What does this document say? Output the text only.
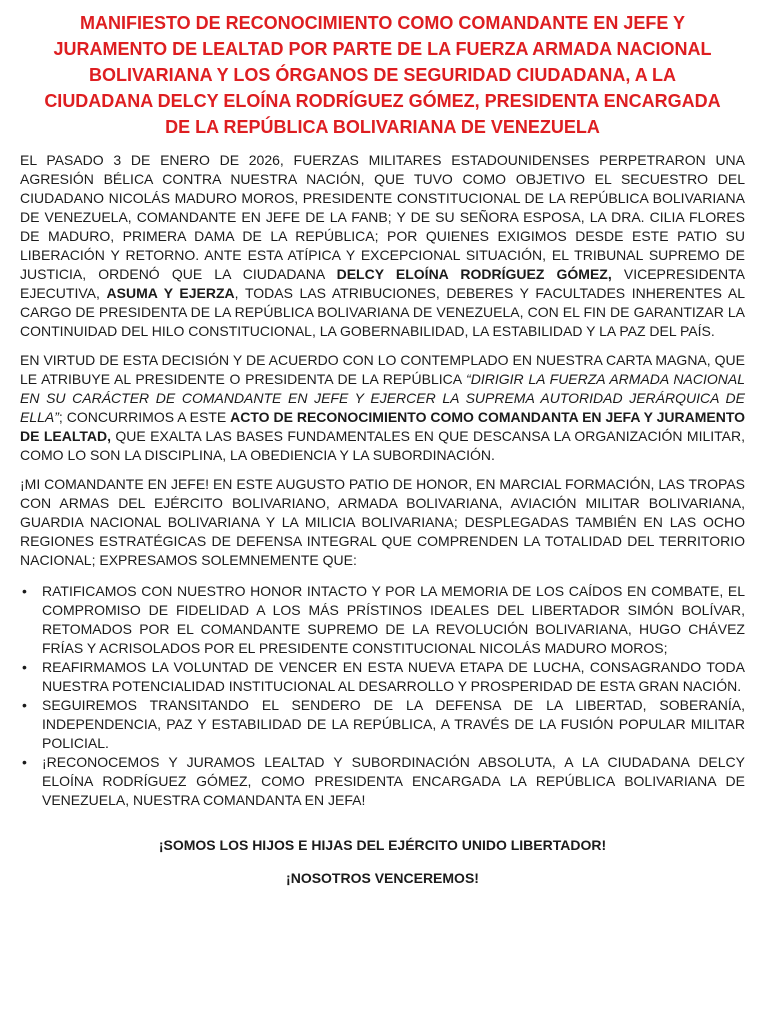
MANIFIESTO DE RECONOCIMIENTO COMO COMANDANTE EN JEFE Y
JURAMENTO DE LEALTAD POR PARTE DE LA FUERZA ARMADA NACIONAL
BOLIVARIANA Y LOS ÓRGANOS DE SEGURIDAD CIUDADANA, A LA
CIUDADANA DELCY ELOÍNA RODRÍGUEZ GÓMEZ, PRESIDENTA ENCARGADA
DE LA REPÚBLICA BOLIVARIANA DE VENEZUELA

EL PASADO 3 DE ENERO DE 2026, FUERZAS MILITARES ESTADOUNIDENSES PERPETRARON UNA AGRESIÓN BÉLICA CONTRA NUESTRA NACIÓN, QUE TUVO COMO OBJETIVO EL SECUESTRO DEL CIUDADANO NICOLÁS MADURO MOROS, PRESIDENTE CONSTITUCIONAL DE LA REPÚBLICA BOLIVARIANA DE VENEZUELA, COMANDANTE EN JEFE DE LA FANB; Y DE SU SEÑORA ESPOSA, LA DRA. CILIA FLORES DE MADURO, PRIMERA DAMA DE LA REPÚBLICA; POR QUIENES EXIGIMOS DESDE ESTE PATIO SU LIBERACIÓN Y RETORNO. ANTE ESTA ATÍPICA Y EXCEPCIONAL SITUACIÓN, EL TRIBUNAL SUPREMO DE JUSTICIA, ORDENÓ QUE LA CIUDADANA DELCY ELOÍNA RODRÍGUEZ GÓMEZ, VICEPRESIDENTA EJECUTIVA, ASUMA Y EJERZA, TODAS LAS ATRIBUCIONES, DEBERES Y FACULTADES INHERENTES AL CARGO DE PRESIDENTA DE LA REPÚBLICA BOLIVARIANA DE VENEZUELA, CON EL FIN DE GARANTIZAR LA CONTINUIDAD DEL HILO CONSTITUCIONAL, LA GOBERNABILIDAD, LA ESTABILIDAD Y LA PAZ DEL PAÍS.

EN VIRTUD DE ESTA DECISIÓN Y DE ACUERDO CON LO CONTEMPLADO EN NUESTRA CARTA MAGNA, QUE LE ATRIBUYE AL PRESIDENTE O PRESIDENTA DE LA REPÚBLICA “DIRIGIR LA FUERZA ARMADA NACIONAL EN SU CARÁCTER DE COMANDANTE EN JEFE Y EJERCER LA SUPREMA AUTORIDAD JERÁRQUICA DE ELLA”; CONCURRIMOS A ESTE ACTO DE RECONOCIMIENTO COMO COMANDANTA EN JEFA Y JURAMENTO DE LEALTAD, QUE EXALTA LAS BASES FUNDAMENTALES EN QUE DESCANSA LA ORGANIZACIÓN MILITAR, COMO LO SON LA DISCIPLINA, LA OBEDIENCIA Y LA SUBORDINACIÓN.

¡MI COMANDANTE EN JEFE! EN ESTE AUGUSTO PATIO DE HONOR, EN MARCIAL FORMACIÓN, LAS TROPAS CON ARMAS DEL EJÉRCITO BOLIVARIANO, ARMADA BOLIVARIANA, AVIACIÓN MILITAR BOLIVARIANA, GUARDIA NACIONAL BOLIVARIANA Y LA MILICIA BOLIVARIANA; DESPLEGADAS TAMBIÉN EN LAS OCHO REGIONES ESTRATÉGICAS DE DEFENSA INTEGRAL QUE COMPRENDEN LA TOTALIDAD DEL TERRITORIO NACIONAL; EXPRESAMOS SOLEMNEMENTE QUE:

• RATIFICAMOS CON NUESTRO HONOR INTACTO Y POR LA MEMORIA DE LOS CAÍDOS EN COMBATE, EL COMPROMISO DE FIDELIDAD A LOS MÁS PRÍSTINOS IDEALES DEL LIBERTADOR SIMÓN BOLÍVAR, RETOMADOS POR EL COMANDANTE SUPREMO DE LA REVOLUCIÓN BOLIVARIANA, HUGO CHÁVEZ FRÍAS Y ACRISOLADOS POR EL PRESIDENTE CONSTITUCIONAL NICOLÁS MADURO MOROS;
• REAFIRMAMOS LA VOLUNTAD DE VENCER EN ESTA NUEVA ETAPA DE LUCHA, CONSAGRANDO TODA NUESTRA POTENCIALIDAD INSTITUCIONAL AL DESARROLLO Y PROSPERIDAD DE ESTA GRAN NACIÓN.
• SEGUIREMOS TRANSITANDO EL SENDERO DE LA DEFENSA DE LA LIBERTAD, SOBERANÍA, INDEPENDENCIA, PAZ Y ESTABILIDAD DE LA REPÚBLICA, A TRAVÉS DE LA FUSIÓN POPULAR MILITAR POLICIAL.
• ¡RECONOCEMOS Y JURAMOS LEALTAD Y SUBORDINACIÓN ABSOLUTA, A LA CIUDADANA DELCY ELOÍNA RODRÍGUEZ GÓMEZ, COMO PRESIDENTA ENCARGADA LA REPÚBLICA BOLIVARIANA DE VENEZUELA, NUESTRA COMANDANTA EN JEFA!
¡SOMOS LOS HIJOS E HIJAS DEL EJÉRCITO UNIDO LIBERTADOR!
¡NOSOTROS VENCEREMOS!
